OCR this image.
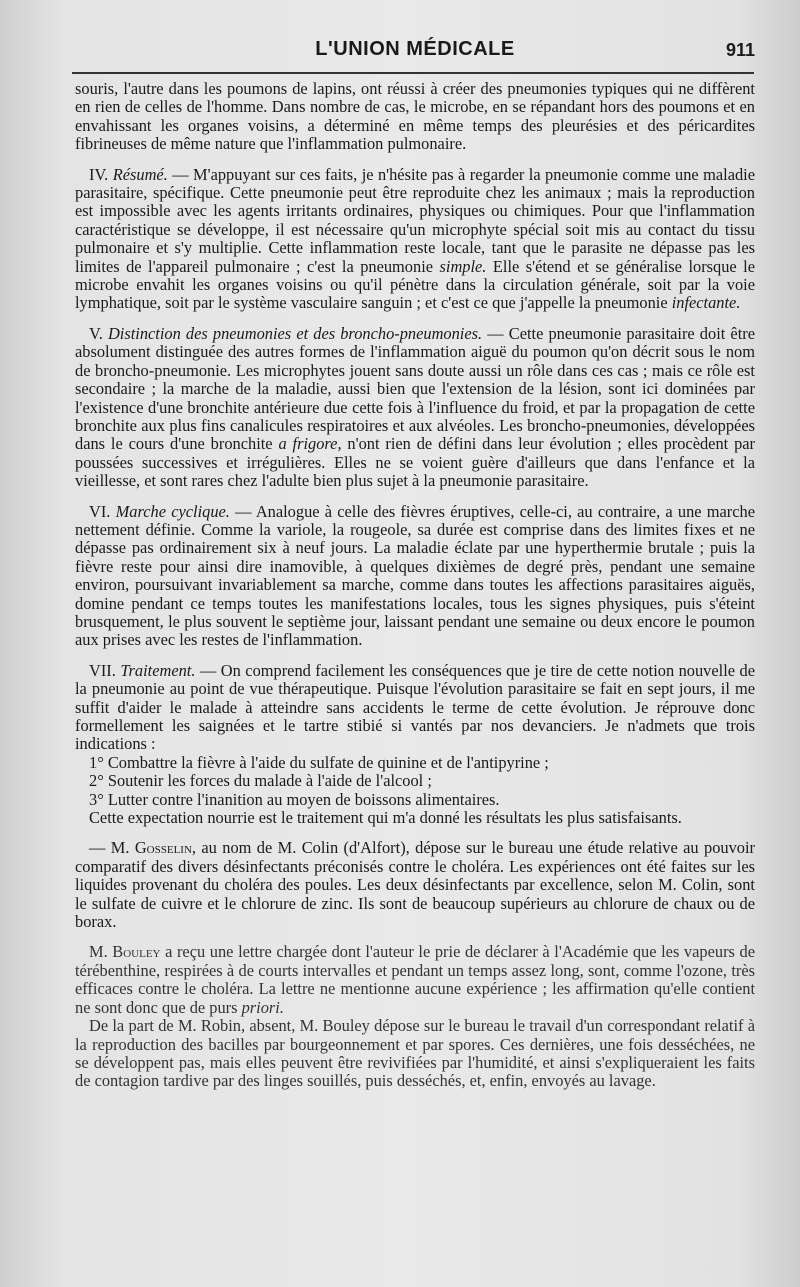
L'UNION MÉDICALE	911

souris, l'autre dans les poumons de lapins, ont réussi à créer des pneumonies typiques qui ne diffèrent en rien de celles de l'homme. Dans nombre de cas, le microbe, en se répandant hors des poumons et en envahissant les organes voisins, a déterminé en même temps des pleurésies et des péricardites fibrineuses de même nature que l'inflammation pulmonaire.

IV. Résumé. — M'appuyant sur ces faits, je n'hésite pas à regarder la pneumonie comme une maladie parasitaire, spécifique. Cette pneumonie peut être reproduite chez les animaux ; mais la reproduction est impossible avec les agents irritants ordinaires, physiques ou chimiques. Pour que l'inflammation caractéristique se développe, il est nécessaire qu'un microphyte spécial soit mis au contact du tissu pulmonaire et s'y multiplie. Cette inflammation reste locale, tant que le parasite ne dépasse pas les limites de l'appareil pulmonaire ; c'est la pneumonie simple. Elle s'étend et se généralise lorsque le microbe envahit les organes voisins ou qu'il pénètre dans la circulation générale, soit par la voie lymphatique, soit par le système vasculaire sanguin ; et c'est ce que j'appelle la pneumonie infectante.

V. Distinction des pneumonies et des broncho-pneumonies. — Cette pneumonie parasitaire doit être absolument distinguée des autres formes de l'inflammation aiguë du poumon qu'on décrit sous le nom de broncho-pneumonie. Les microphytes jouent sans doute aussi un rôle dans ces cas ; mais ce rôle est secondaire ; la marche de la maladie, aussi bien que l'extension de la lésion, sont ici dominées par l'existence d'une bronchite antérieure due cette fois à l'influence du froid, et par la propagation de cette bronchite aux plus fins canalicules respiratoires et aux alvéoles. Les broncho-pneumonies, développées dans le cours d'une bronchite a frigore, n'ont rien de défini dans leur évolution ; elles procèdent par poussées successives et irrégulières. Elles ne se voient guère d'ailleurs que dans l'enfance et la vieillesse, et sont rares chez l'adulte bien plus sujet à la pneumonie parasitaire.

VI. Marche cyclique. — Analogue à celle des fièvres éruptives, celle-ci, au contraire, a une marche nettement définie. Comme la variole, la rougeole, sa durée est comprise dans des limites fixes et ne dépasse pas ordinairement six à neuf jours. La maladie éclate par une hyperthermie brutale ; puis la fièvre reste pour ainsi dire inamovible, à quelques dixièmes de degré près, pendant une semaine environ, poursuivant invariablement sa marche, comme dans toutes les affections parasitaires aiguës, domine pendant ce temps toutes les manifestations locales, tous les signes physiques, puis s'éteint brusquement, le plus souvent le septième jour, laissant pendant une semaine ou deux encore le poumon aux prises avec les restes de l'inflammation.

VII. Traitement. — On comprend facilement les conséquences que je tire de cette notion nouvelle de la pneumonie au point de vue thérapeutique. Puisque l'évolution parasitaire se fait en sept jours, il me suffit d'aider le malade à atteindre sans accidents le terme de cette évolution. Je réprouve donc formellement les saignées et le tartre stibié si vantés par nos devanciers. Je n'admets que trois indications :

1° Combattre la fièvre à l'aide du sulfate de quinine et de l'antipyrine ;

2° Soutenir les forces du malade à l'aide de l'alcool ;

3° Lutter contre l'inanition au moyen de boissons alimentaires.

Cette expectation nourrie est le traitement qui m'a donné les résultats les plus satisfaisants.

— M. Gosselin, au nom de M. Colin (d'Alfort), dépose sur le bureau une étude relative au pouvoir comparatif des divers désinfectants préconisés contre le choléra. Les expériences ont été faites sur les liquides provenant du choléra des poules. Les deux désinfectants par excellence, selon M. Colin, sont le sulfate de cuivre et le chlorure de zinc. Ils sont de beaucoup supérieurs au chlorure de chaux ou de borax.

M. Bouley a reçu une lettre chargée dont l'auteur le prie de déclarer à l'Académie que les vapeurs de térébenthine, respirées à de courts intervalles et pendant un temps assez long, sont, comme l'ozone, très efficaces contre le choléra. La lettre ne mentionne aucune expérience ; les affirmation qu'elle contient ne sont donc que de purs priori.

De la part de M. Robin, absent, M. Bouley dépose sur le bureau le travail d'un correspondant relatif à la reproduction des bacilles par bourgeonnement et par spores. Ces dernières, une fois desséchées, ne se développent pas, mais elles peuvent être revivifiées par l'humidité, et ainsi s'expliqueraient les faits de contagion tardive par des linges souillés, puis desséchés, et, enfin, envoyés au lavage.
